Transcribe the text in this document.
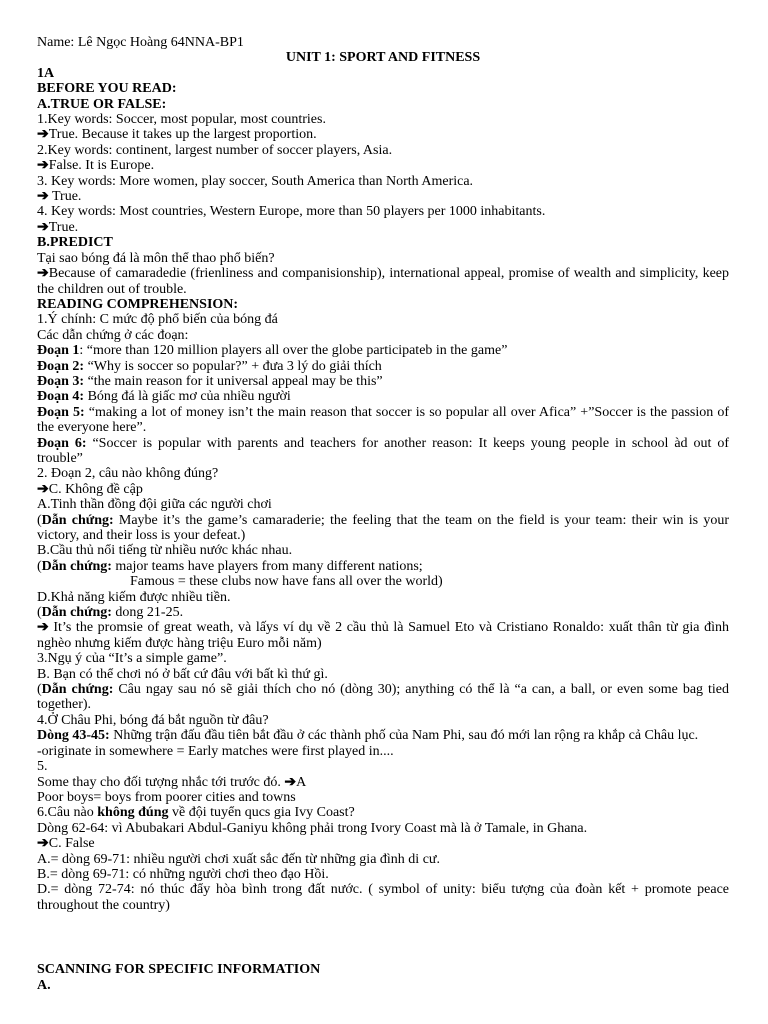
Name: Lê Ngọc Hoàng 64NNA-BP1
UNIT 1: SPORT AND FITNESS
1A
BEFORE YOU READ:
A.TRUE OR FALSE:
1.Key words: Soccer, most popular, most countries.
➔True. Because it takes up the largest proportion.
2.Key words: continent, largest number of soccer players, Asia.
➔False. It is Europe.
3. Key words: More women, play soccer, South America than North America.
➔ True.
4. Key words: Most countries, Western Europe, more than 50 players per 1000 inhabitants.
➔True.
B.PREDICT
Tại sao bóng đá là môn thể thao phổ biến?
➔Because of camaradedie (frienliness and companisionship), international appeal, promise of wealth and simplicity, keep the children out of trouble.
READING COMPREHENSION:
1.Ý chính: C mức độ phổ biến của bóng đá
Các dẫn chứng ở các đoạn:
Đoạn 1: “more than 120 million players all over the globe participateb in the game”
Đoạn 2: “Why is soccer so popular?” + đưa 3 lý do giải thích
Đoạn 3: “the main reason for it universal appeal may be this”
Đoạn 4: Bóng đá là giấc mơ của nhiều người
Đoạn 5: “making a lot of money isn’t the main reason that soccer is so popular all over Afica” +”Soccer is the passion of the everyone here”.
Đoạn 6: “Soccer is popular with parents and teachers for another reason: It keeps young people in school àd out of trouble”
2. Đoạn 2, câu nào không đúng?
➔C. Không đề cập
A.Tinh thần đồng đội giữa các người chơi
(Dẫn chứng: Maybe it’s the game’s camaraderie; the feeling that the team on the field is your team: their win is your victory, and their loss is your defeat.)
B.Cầu thủ nổi tiếng từ nhiều nước khác nhau.
(Dẫn chứng: major teams have players from many different nations;
Famous = these clubs now have fans all over the world)
D.Khả năng kiếm được nhiều tiền.
(Dẫn chứng: dong 21-25.
➔ It’s the promsie of great weath, và lấys ví dụ về 2 cầu thủ là Samuel Eto và Cristiano Ronaldo: xuất thân từ gia đình nghèo nhưng kiếm được hàng triệu Euro mỗi năm)
3.Ngụ ý của “It’s a simple game”.
B. Bạn có thể chơi nó ở bất cứ đâu với bất kì thứ gì.
(Dẫn chứng: Câu ngay sau nó sẽ giải thích cho nó (dòng 30); anything có thể là “a can, a ball, or even some bag tied together).
4.Ở Châu Phi, bóng đá bắt nguồn từ đâu?
Dòng 43-45: Những trận đấu đầu tiên bắt đầu ở các thành phố của Nam Phi, sau đó mới lan rộng ra khắp cả Châu lục.
-originate in somewhere = Early matches were first played in....
5.
Some thay cho đối tượng nhắc tới trước đó. ➔A
Poor boys= boys from poorer cities and towns
6.Câu nào không đúng về đội tuyển qucs gia Ivy Coast?
Dòng 62-64: vì Abubakari Abdul-Ganiyu không phải trong Ivory Coast mà là ở Tamale, in Ghana.
➔C. False
A.= dòng 69-71: nhiều người chơi xuất sắc đến từ những gia đình di cư.
B.= dòng 69-71: có những người chơi theo đạo Hồi.
D.= dòng 72-74: nó thúc đẩy hòa bình trong đất nước. ( symbol of unity: biểu tượng của đoàn kết + promote peace throughout the country)
SCANNING FOR SPECIFIC INFORMATION
A.
